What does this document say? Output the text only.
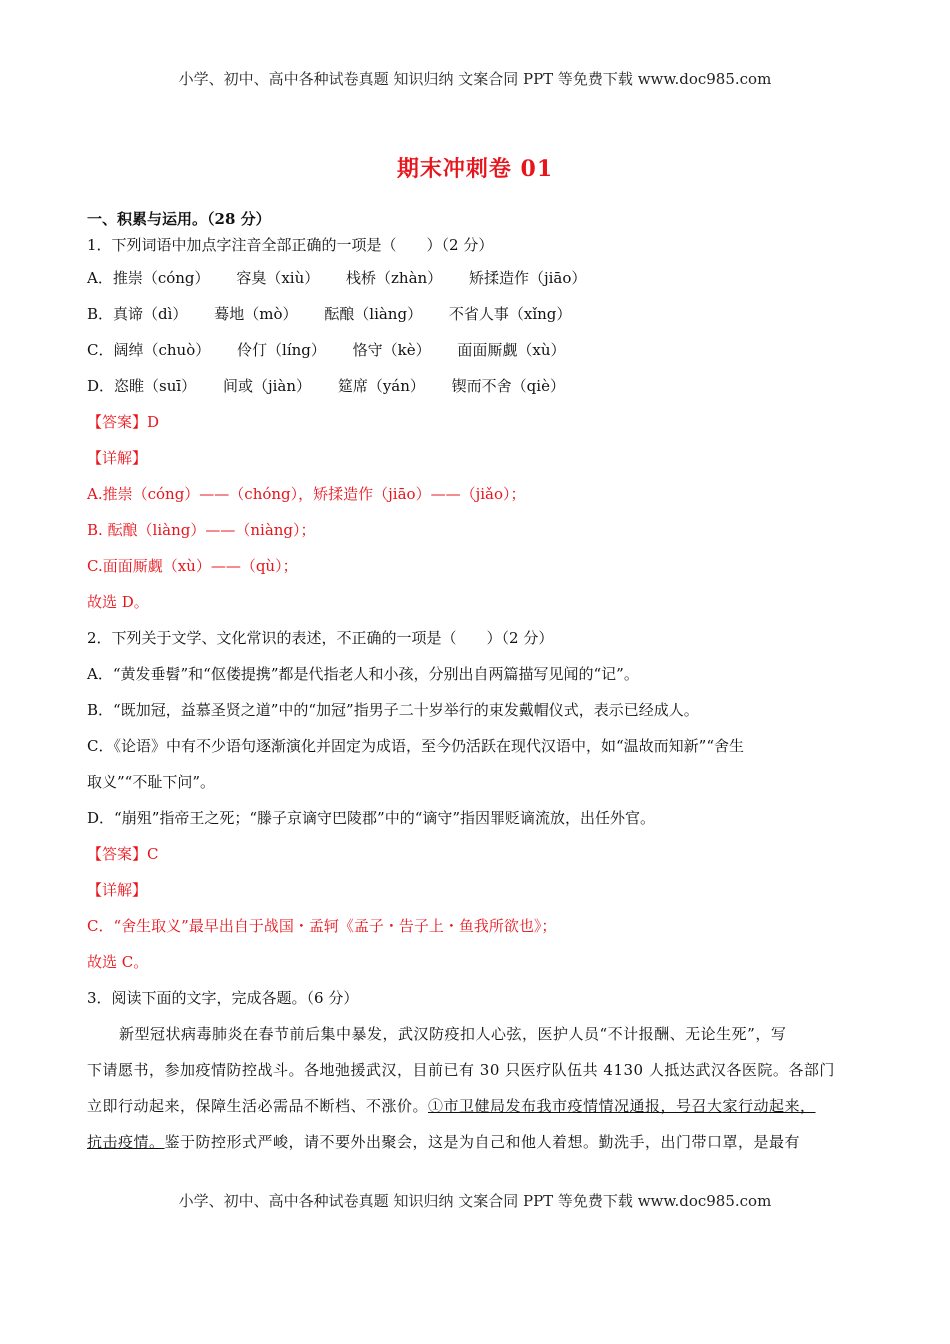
小学、初中、高中各种试卷真题 知识归纳 文案合同 PPT 等免费下载 www.doc985.com
期末冲刺卷 01
一、积累与运用。（28 分）
1．下列词语中加点字注音全部正确的一项是（　　）（2 分）
A．推崇（cóng） 容臭（xiù） 栈桥（zhàn） 矫揉造作（jiāo）
B．真谛（dì） 蓦地（mò） 酝酿（liàng） 不省人事（xǐng）
C．阔绰（chuò） 伶仃（líng） 恪守（kè） 面面厮觑（xù）
D．恣睢（suī） 间或（jiàn） 筵席（yán） 锲而不舍（qiè）
【答案】D
【详解】
A.推崇（cóng）——（chóng），矫揉造作（jiāo）——（jiǎo）；
B. 酝酿（liàng）——（niàng）；
C.面面厮觑（xù）——（qù）；
故选 D。
2．下列关于文学、文化常识的表述，不正确的一项是（　　）（2 分）
A．“黄发垂髫”和“伛偻提携”都是代指老人和小孩，分别出自两篇描写见闻的“记”。
B．“既加冠，益慕圣贤之道”中的“加冠”指男子二十岁举行的束发戴帽仪式，表示已经成人。
C．《论语》中有不少语句逐渐演化并固定为成语，至今仍活跃在现代汉语中，如“温故而知新”“舍生
取义”“不耻下问”。
D．“崩殂”指帝王之死；“滕子京谪守巴陵郡”中的“谪守”指因罪贬谪流放，出任外官。
【答案】C
【详解】
C．“舍生取义”最早出自于战国・孟轲《孟子・告子上・鱼我所欲也》；
故选 C。
3．阅读下面的文字，完成各题。（6 分）
新型冠状病毒肺炎在春节前后集中暴发，武汉防疫扣人心弦，医护人员“不计报酬、无论生死”，写
下请愿书，参加疫情防控战斗。各地弛援武汉，目前已有 30 只医疗队伍共 4130 人抵达武汉各医院。各部门
立即行动起来，保障生活必需品不断档、不涨价。①市卫健局发布我市疫情情况通报，号召大家行动起来，
抗击疫情。鉴于防控形式严峻，请不要外出聚会，这是为自己和他人着想。勤洗手，出门带口罩，是最有
小学、初中、高中各种试卷真题 知识归纳 文案合同 PPT 等免费下载 www.doc985.com
